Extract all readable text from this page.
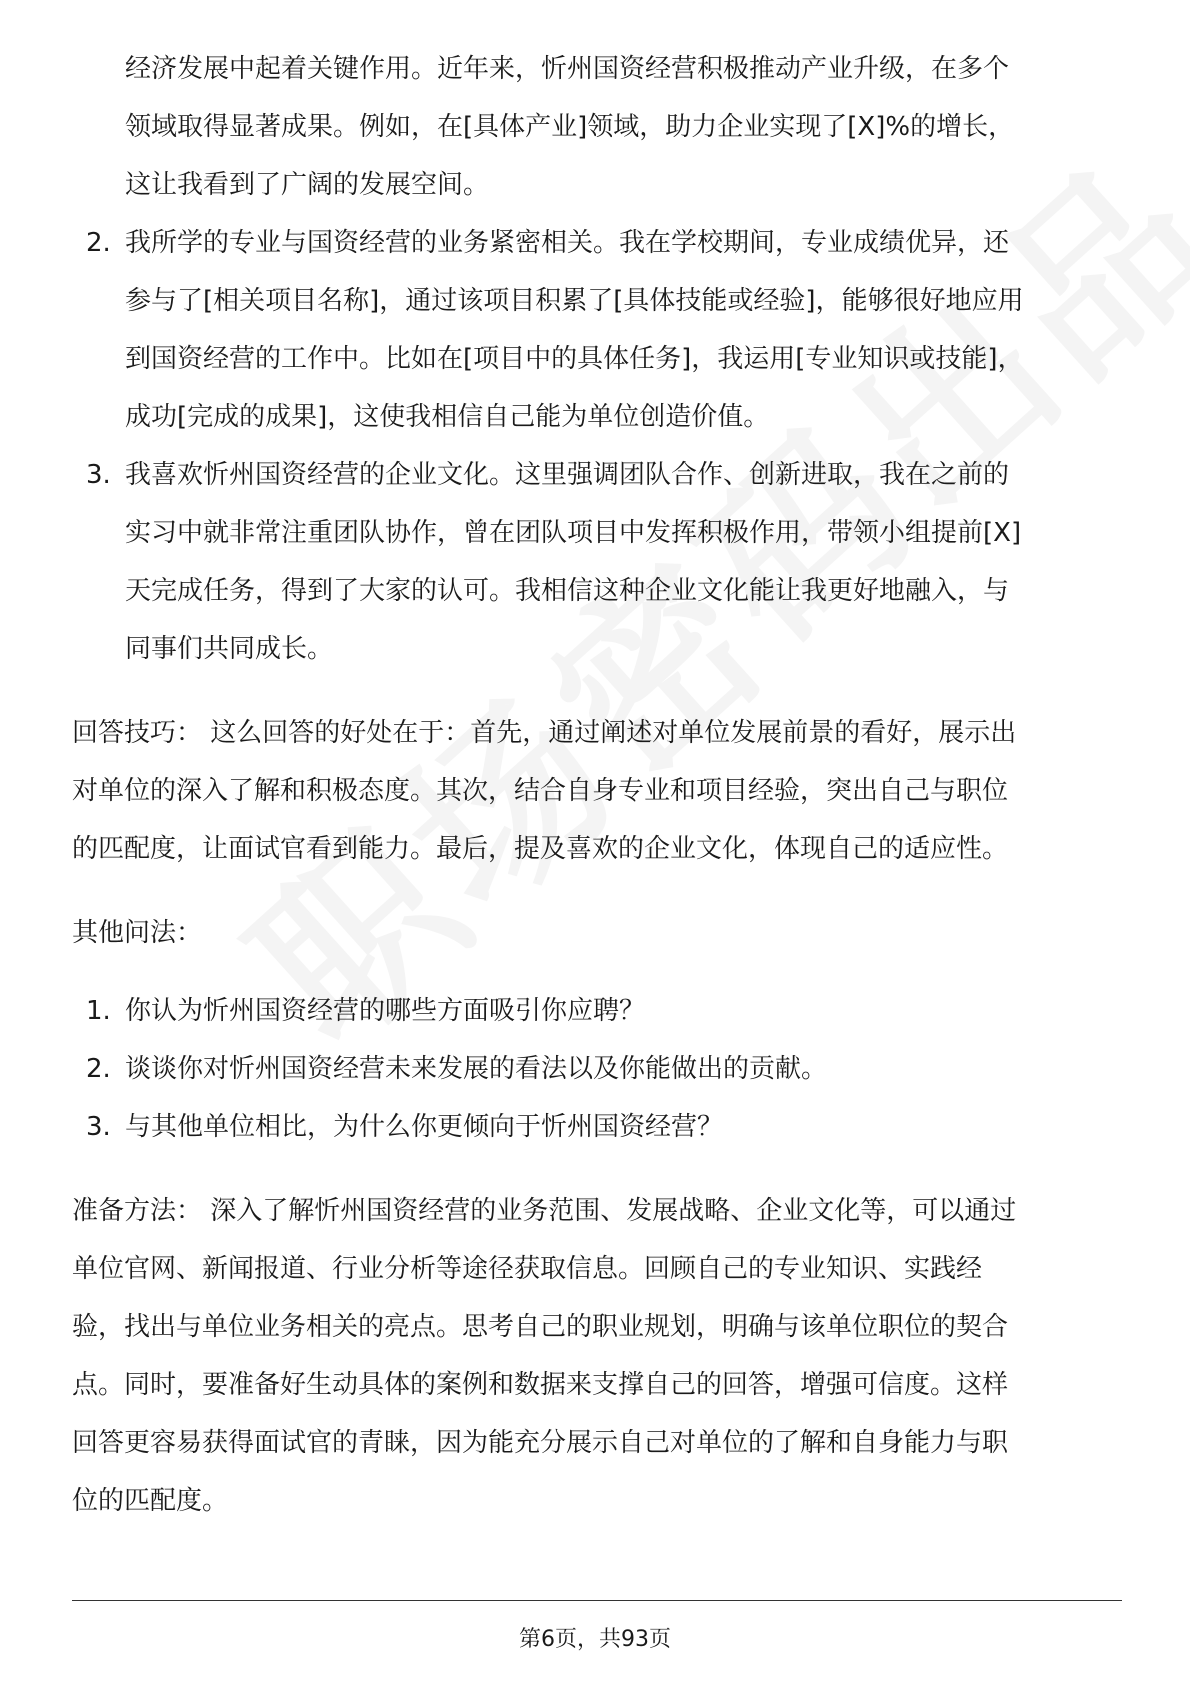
经济发展中起着关键作用。近年来，忻州国资经营积极推动产业升级，在多个
领域取得显著成果。例如，在[具体产业]领域，助力企业实现了[X]%的增长，
这让我看到了广阔的发展空间。
2. 我所学的专业与国资经营的业务紧密相关。我在学校期间，专业成绩优异，还
参与了[相关项目名称]，通过该项目积累了[具体技能或经验]，能够很好地应用
到国资经营的工作中。比如在[项目中的具体任务]，我运用[专业知识或技能]，
成功[完成的成果]，这使我相信自己能为单位创造价值。
3. 我喜欢忻州国资经营的企业文化。这里强调团队合作、创新进取，我在之前的
实习中就非常注重团队协作，曾在团队项目中发挥积极作用，带领小组提前[X]
天完成任务，得到了大家的认可。我相信这种企业文化能让我更好地融入，与
同事们共同成长。
回答技巧： 这么回答的好处在于：首先，通过阐述对单位发展前景的看好，展示出
对单位的深入了解和积极态度。其次，结合自身专业和项目经验，突出自己与职位
的匹配度，让面试官看到能力。最后，提及喜欢的企业文化，体现自己的适应性。
其他问法：
1. 你认为忻州国资经营的哪些方面吸引你应聘？
2. 谈谈你对忻州国资经营未来发展的看法以及你能做出的贡献。
3. 与其他单位相比，为什么你更倾向于忻州国资经营？
准备方法： 深入了解忻州国资经营的业务范围、发展战略、企业文化等，可以通过
单位官网、新闻报道、行业分析等途径获取信息。回顾自己的专业知识、实践经
验，找出与单位业务相关的亮点。思考自己的职业规划，明确与该单位职位的契合
点。同时，要准备好生动具体的案例和数据来支撑自己的回答，增强可信度。这样
回答更容易获得面试官的青睐，因为能充分展示自己对单位的了解和自身能力与职
位的匹配度。
第6页，共93页
